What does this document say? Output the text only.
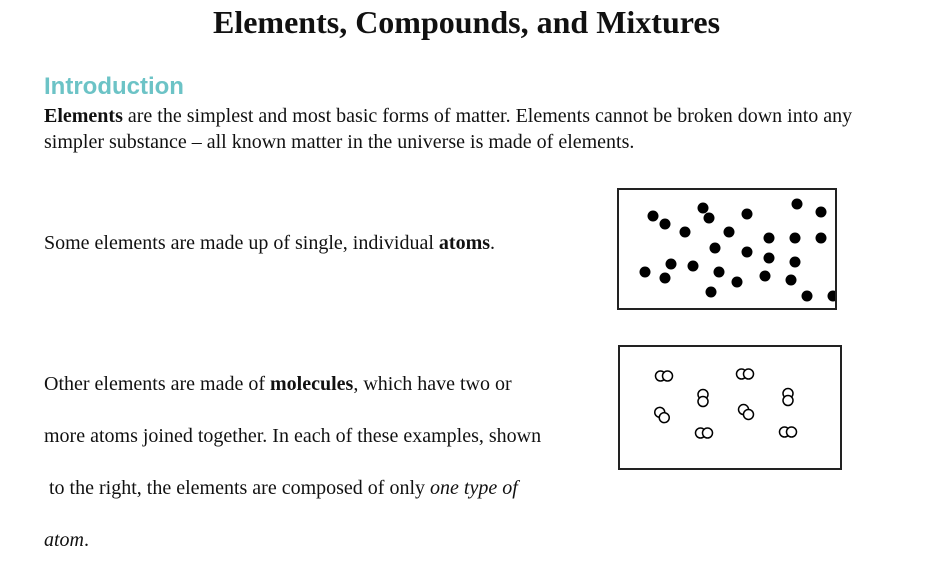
Elements, Compounds, and Mixtures
Introduction

Elements are the simplest and most basic forms of matter. Elements cannot be broken down into any
simpler substance – all known matter in the universe is made of elements.

Some elements are made up of single, individual atoms.

Other elements are made of molecules, which have two or
more atoms joined together. In each of these examples, shown
to the right, the elements are composed of only one type of
atom.
